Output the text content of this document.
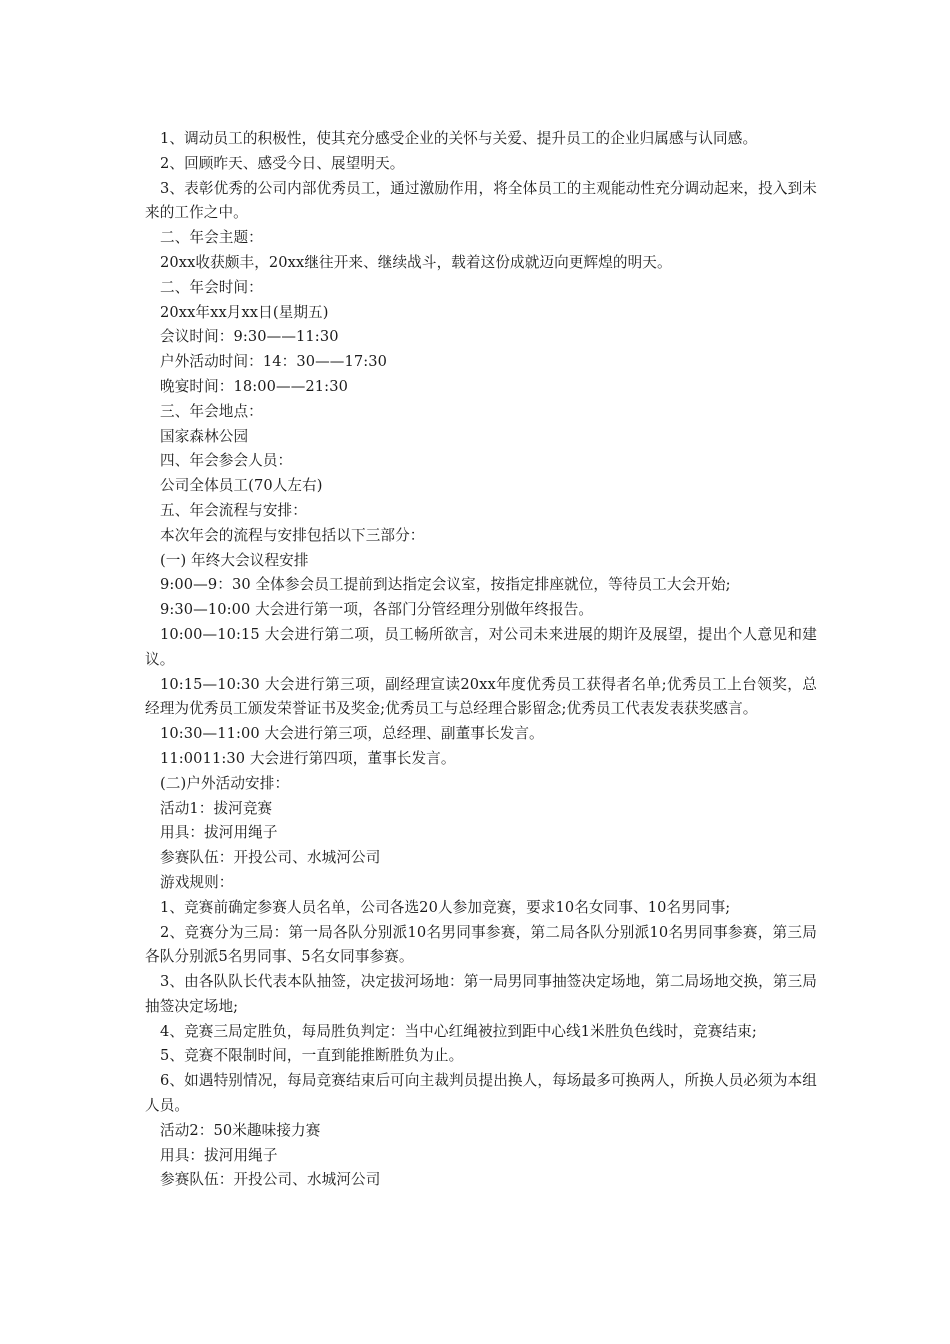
1、调动员工的积极性，使其充分感受企业的关怀与关爱、提升员工的企业归属感与认同感。

2、回顾昨天、感受今日、展望明天。

3、表彰优秀的公司内部优秀员工，通过激励作用，将全体员工的主观能动性充分调动起来，投入到未来的工作之中。

二、年会主题：

20xx收获颇丰，20xx继往开来、继续战斗，载着这份成就迈向更辉煌的明天。

二、年会时间：

20xx年xx月xx日(星期五)

会议时间：9:30——11:30

户外活动时间：14：30——17:30

晚宴时间：18:00——21:30

三、年会地点：

国家森林公园

四、年会参会人员：

公司全体员工(70人左右)

五、年会流程与安排：

本次年会的流程与安排包括以下三部分：

(一) 年终大会议程安排

9:00—9：30 全体参会员工提前到达指定会议室，按指定排座就位，等待员工大会开始;

9:30—10:00 大会进行第一项，各部门分管经理分别做年终报告。

10:00—10:15 大会进行第二项，员工畅所欲言，对公司未来进展的期许及展望，提出个人意见和建议。

10:15—10:30 大会进行第三项，副经理宣读20xx年度优秀员工获得者名单;优秀员工上台领奖，总经理为优秀员工颁发荣誉证书及奖金;优秀员工与总经理合影留念;优秀员工代表发表获奖感言。

10:30—11:00 大会进行第三项，总经理、副董事长发言。

11:0011:30 大会进行第四项，董事长发言。

(二)户外活动安排：

活动1：拔河竞赛

用具：拔河用绳子

参赛队伍：开投公司、水城河公司

游戏规则：

1、竞赛前确定参赛人员名单，公司各选20人参加竞赛，要求10名女同事、10名男同事;

2、竞赛分为三局：第一局各队分别派10名男同事参赛，第二局各队分别派10名男同事参赛，第三局各队分别派5名男同事、5名女同事参赛。

3、由各队队长代表本队抽签，决定拔河场地：第一局男同事抽签决定场地，第二局场地交换，第三局抽签决定场地;

4、竞赛三局定胜负，每局胜负判定：当中心红绳被拉到距中心线1米胜负色线时，竞赛结束;

5、竞赛不限制时间，一直到能推断胜负为止。

6、如遇特别情况，每局竞赛结束后可向主裁判员提出换人，每场最多可换两人，所换人员必须为本组人员。

活动2：50米趣味接力赛

用具：拔河用绳子

参赛队伍：开投公司、水城河公司
